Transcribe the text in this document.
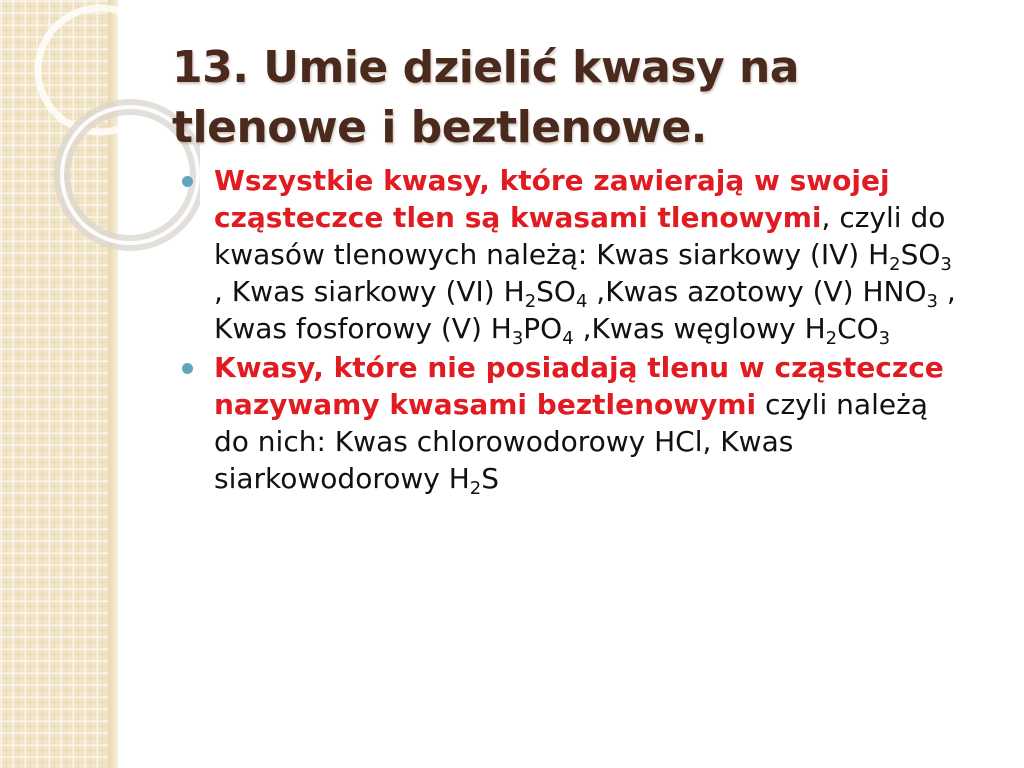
13. Umie dzielić kwasy na tlenowe i beztlenowe.
Wszystkie kwasy, które zawierają w swojej cząsteczce tlen są kwasami tlenowymi, czyli do kwasów tlenowych należą: Kwas siarkowy (IV) $H_2SO_3$ , Kwas siarkowy (VI) $H_2SO_4$ ,Kwas azotowy (V) $HNO_3$ , Kwas fosforowy (V) $H_3PO_4$ ,Kwas węglowy $H_2CO_3$
Kwasy, które nie posiadają tlenu w cząsteczce nazywamy kwasami beztlenowymi czyli należą do nich: Kwas chlorowodorowy HCl, Kwas siarkowodorowy $H_2S$
